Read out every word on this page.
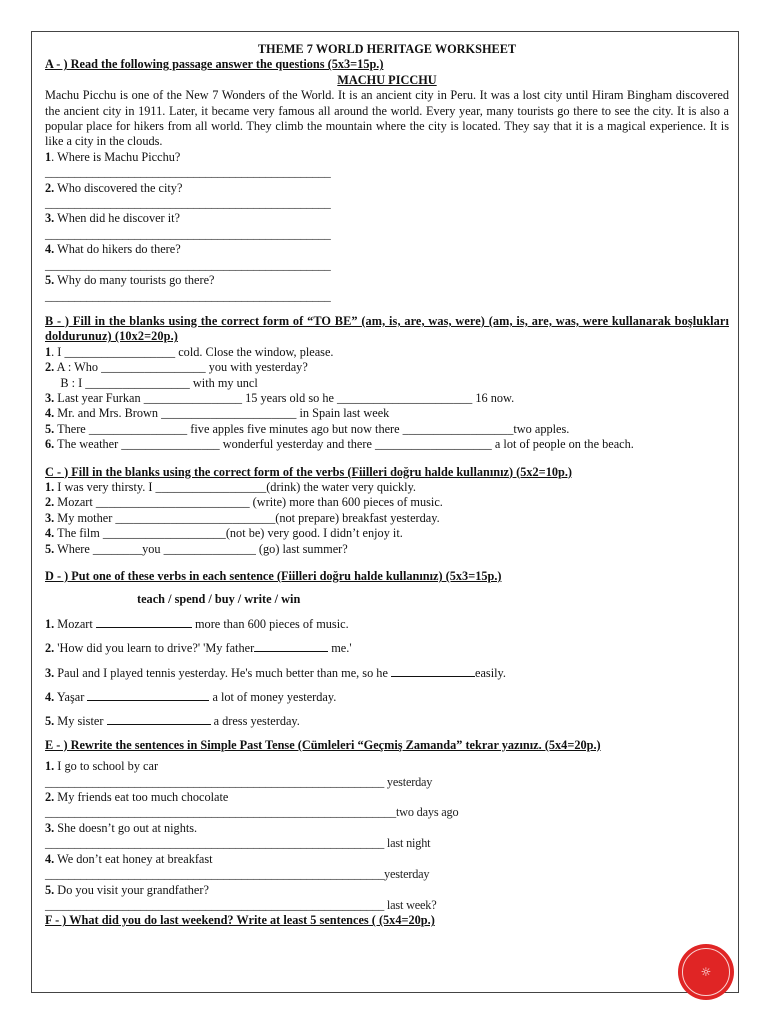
THEME 7 WORLD HERITAGE WORKSHEET
A - ) Read the following passage answer the questions (5x3=15p.)
MACHU PICCHU
Machu Picchu is one of the New 7 Wonders of the World. It is an ancient city in Peru. It was a lost city until Hiram Bingham discovered the ancient city in 1911. Later, it became very famous all around the world. Every year, many tourists go there to see the city. It is also a popular place for hikers from all world. They climb the mountain where the city is located. They say that it is a magical experience. It is like a city in the clouds.
1. Where is Machu Picchu?
________________________________________________
2. Who discovered the city?
________________________________________________
3. When did he discover it?
________________________________________________
4. What do hikers do there?
________________________________________________
5. Why do many tourists go there?
________________________________________________
B - ) Fill in the blanks using the correct form of “TO BE” (am, is, are, was, were) (am, is, are, was, were kullanarak boşlukları doldurunuz) (10x2=20p.)
1. I __________________ cold. Close the window, please.
2. A : Who _________________ you with yesterday?
B : I _________________ with my uncl
3. Last year Furkan ________________ 15 years old so he ______________________ 16 now.
4. Mr. and Mrs. Brown ______________________ in Spain last week
5. There ________________ five apples five minutes ago but now there __________________two apples.
6. The weather ________________ wonderful yesterday and there ___________________ a lot of people on the beach.
C - ) Fill in the blanks using the correct form of the verbs (Fiilleri doğru halde kullanınız) (5x2=10p.)
1. I was very thirsty. I __________________(drink) the water very quickly.
2. Mozart _________________________ (write) more than 600 pieces of music.
3. My mother __________________________(not prepare) breakfast yesterday.
4. The film ____________________(not be) very good. I didn’t enjoy it.
5. Where ________you _______________ (go) last summer?
D - ) Put one of these verbs in each sentence (Fiilleri doğru halde kullanınız) (5x3=15p.)
teach / spend / buy / write / win
1. Mozart	more than 600 pieces of music.
2. 'How did you learn to drive?' 'My father	me.'
3. Paul and I played tennis yesterday. He's much better than me, so he	easily.
4. Yaşar	a lot of money yesterday.
5. My sister	a dress yesterday.
E - ) Rewrite the sentences in Simple Past Tense (Cümleleri “Geçmiş Zamanda” tekrar yazınız. (5x4=20p.)
1. I go to school by car
_________________________________________________________ yesterday
2. My friends eat too much chocolate
___________________________________________________________two days ago
3. She doesn’t go out at nights.
_________________________________________________________ last night
4. We don’t eat honey at breakfast
_________________________________________________________yesterday
5. Do you visit your grandfather?
_________________________________________________________ last week?
F - ) What did you do last weekend? Write at least 5 sentences ( (5x4=20p.)
☼
